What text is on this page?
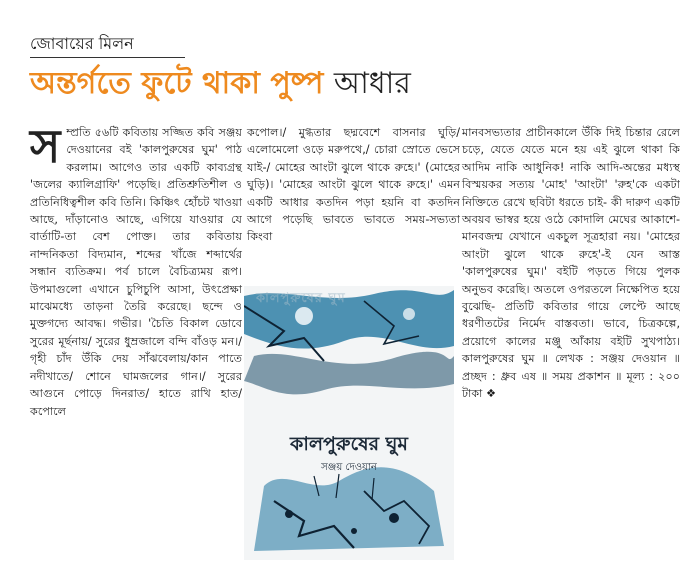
জোবায়ের মিলন
অন্তর্গতে ফুটে থাকা পুষ্প আধার
স ম্প্রতি ৫৬টি কবিতায় সজ্জিত কবি সঞ্জয় দেওয়ানের বই 'কালপুরুষের ঘুম' পাঠ করলাম। আগেও তার একটি কাব্যগ্রন্থ 'জলের ক্যালিগ্রাফি' পড়েছি। প্রতিশ্রুতিশীল ও প্রতিনিধিত্বশীল কবি তিনি। কিঞ্চিৎ হোঁচট খাওয়া আছে, দাঁড়ানোও আছে, এগিয়ে যাওয়ার যে বার্তাটি-তা বেশ পোক্ত। তার কবিতায় নান্দনিকতা বিদ্যমান, শব্দের খাঁজে শব্দার্থের সন্ধান ব্যতিক্রম। পর্ব চালে বৈচিত্র্যময় রূপ। উপমাগুলো এখানে চুপিচুপি আসা, উৎপ্রেক্ষা মাঝেমধ্যে তাড়না তৈরি করেছে। ছন্দে ও মুক্তগদ্যে আবদ্ধ। গভীর। 'চৈতি বিকাল ডোবে সুরের মূর্ছনায়/ সুরের ধুম্রজালে বন্দি বাঁওড় মন।/ গৃহী চাঁদ উঁকি দেয় সাঁঝবেলায়/কান পাতে নদীখাতে/ শোনে ঘামজলের গান।/ সুরের আগুনে পোড়ে দিনরাত/ হাতে রাখি হাত/ কপোলে

কপোল।/ মুগ্ধতার ছদ্মবেশে বাসনার ঘুড়ি/এলোমেলো ওড়ে মরুপথে,/ চোরা স্রোতে ভেসে যাই-/ মোহের আংটা ঝুলে থাকে রুহে।' (মোহের ঘুড়ি)। 'মোহের আংটা ঝুলে থাকে রুহে।' এমন একটি আধার কতদিন পড়া হয়নি বা কতদিন আগে পড়েছি ভাবতে ভাবতে সময়-সভ্যতা কিংবা

মানবসভ্যতার প্রাচীনকালে উঁকি দিই চিন্তার রেলে চড়ে, যেতে যেতে মনে হয় এই ঝুলে থাকা কি আদিম নাকি আধুনিক! নাকি আদি-অন্তের মধ্যস্থ বিস্ময়কর সত্যয় 'মোহ' 'আংটা' 'রুহ'কে একটা নিক্তিতে রেখে ছবিটা ধরতে চাই- কী দারুণ একটি অবয়ব ভাস্বর হয়ে ওঠে কোদালি মেঘের আকাশে- মানবজন্ম যেখানে একচুল সূত্রহারা নয়। 'মোহের আংটা ঝুলে থাকে রুহে'-ই যেন আস্ত 'কালপুরুষের ঘুম।' বইটি পড়তে গিয়ে পুলক অনুভব করেছি। অতলে ওপরতলে নিক্ষেপিত হয়ে বুঝেছি- প্রতিটি কবিতার গায়ে লেপ্টে আছে ধরণীতটের নির্মেদ বাস্তবতা। ভাবে, চিত্রকল্পে, প্রয়োগে কালের মঞ্জু আঁকায় বইটি সুখপাঠ্য। কালপুরুষের ঘুম ॥ লেখক : সঞ্জয় দেওয়ান ॥ প্রচ্ছদ : ধ্রুব এষ ॥ সময় প্রকাশন ॥ মূল্য : ২০০ টাকা ❖

কালপুরুষের ঘুম
সঞ্জয় দেওয়ান
কালপুরুষের ঘুম
